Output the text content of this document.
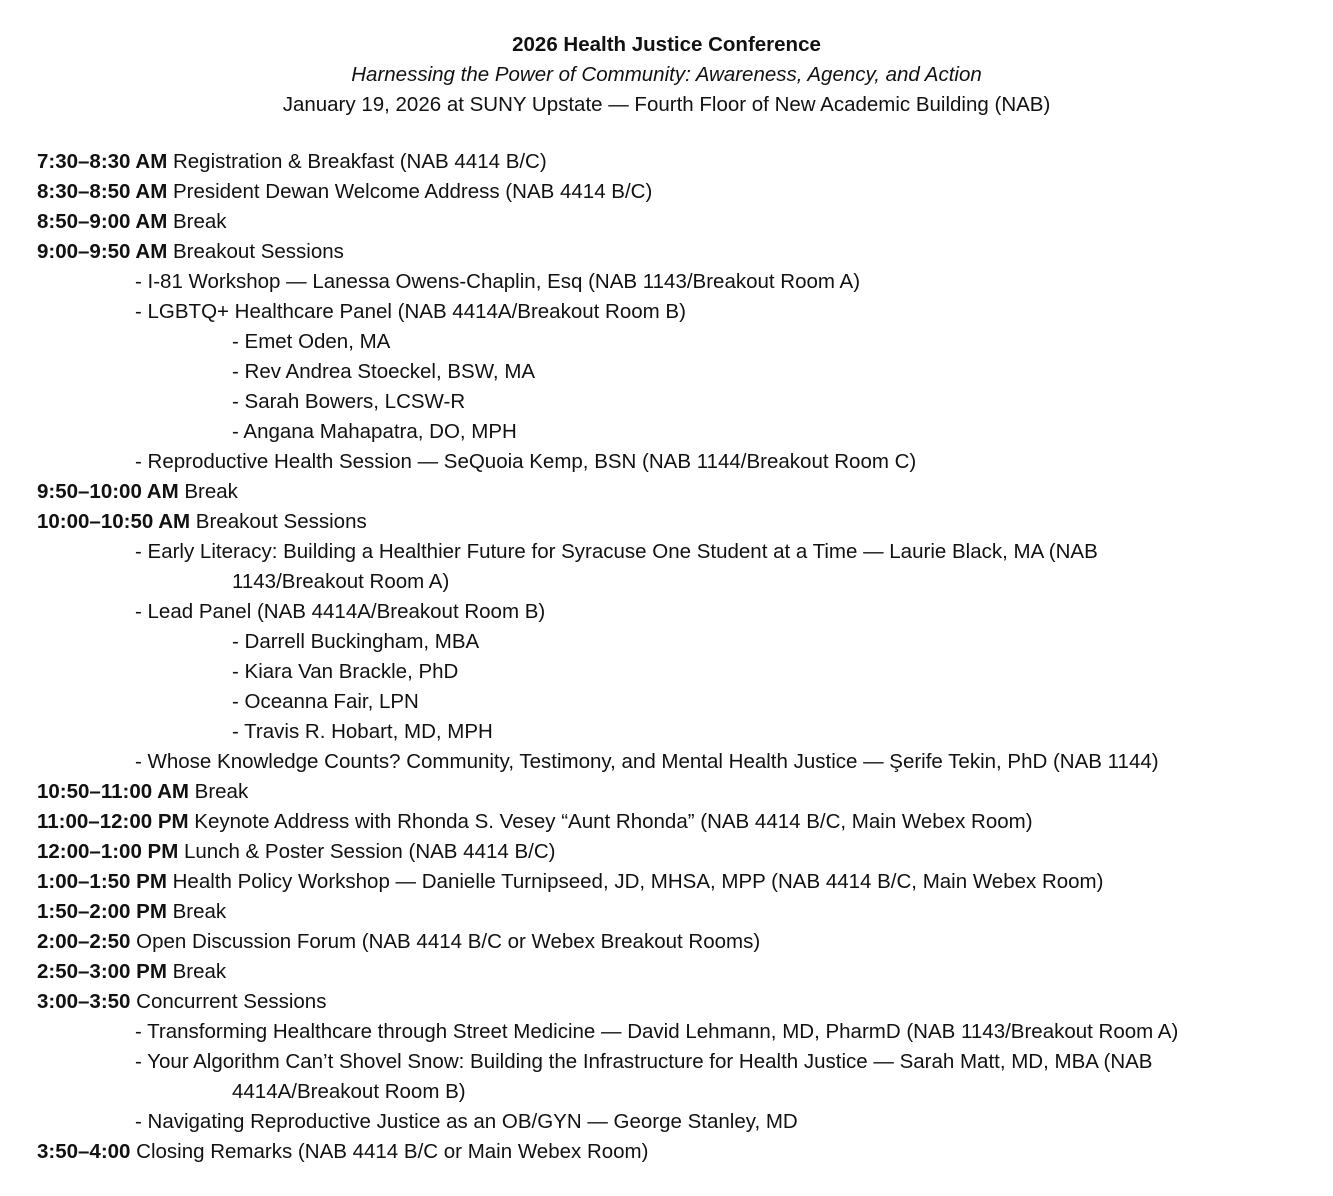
2026 Health Justice Conference
Harnessing the Power of Community: Awareness, Agency, and Action
January 19, 2026 at SUNY Upstate — Fourth Floor of New Academic Building (NAB)
7:30–8:30 AM Registration & Breakfast (NAB 4414 B/C)
8:30–8:50 AM President Dewan Welcome Address (NAB 4414 B/C)
8:50–9:00 AM Break
9:00–9:50 AM Breakout Sessions
- I-81 Workshop — Lanessa Owens-Chaplin, Esq (NAB 1143/Breakout Room A)
- LGBTQ+ Healthcare Panel (NAB 4414A/Breakout Room B)
- Emet Oden, MA
- Rev Andrea Stoeckel, BSW, MA
- Sarah Bowers, LCSW-R
- Angana Mahapatra, DO, MPH
- Reproductive Health Session — SeQuoia Kemp, BSN (NAB 1144/Breakout Room C)
9:50–10:00 AM Break
10:00–10:50 AM Breakout Sessions
- Early Literacy: Building a Healthier Future for Syracuse One Student at a Time — Laurie Black, MA (NAB
1143/Breakout Room A)
- Lead Panel (NAB 4414A/Breakout Room B)
- Darrell Buckingham, MBA
- Kiara Van Brackle, PhD
- Oceanna Fair, LPN
- Travis R. Hobart, MD, MPH
- Whose Knowledge Counts? Community, Testimony, and Mental Health Justice — Şerife Tekin, PhD (NAB 1144)
10:50–11:00 AM Break
11:00–12:00 PM Keynote Address with Rhonda S. Vesey “Aunt Rhonda” (NAB 4414 B/C, Main Webex Room)
12:00–1:00 PM Lunch & Poster Session (NAB 4414 B/C)
1:00–1:50 PM Health Policy Workshop — Danielle Turnipseed, JD, MHSA, MPP (NAB 4414 B/C, Main Webex Room)
1:50–2:00 PM Break
2:00–2:50 Open Discussion Forum (NAB 4414 B/C or Webex Breakout Rooms)
2:50–3:00 PM Break
3:00–3:50 Concurrent Sessions
- Transforming Healthcare through Street Medicine — David Lehmann, MD, PharmD (NAB 1143/Breakout Room A)
- Your Algorithm Can’t Shovel Snow: Building the Infrastructure for Health Justice — Sarah Matt, MD, MBA (NAB
4414A/Breakout Room B)
- Navigating Reproductive Justice as an OB/GYN — George Stanley, MD
3:50–4:00 Closing Remarks (NAB 4414 B/C or Main Webex Room)
